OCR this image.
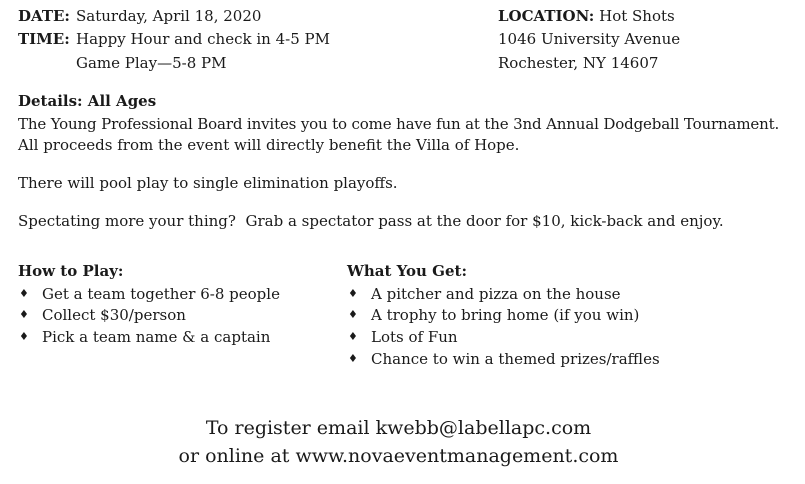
DATE: Saturday, April 18, 2020
TIME: Happy Hour and check in 4-5 PM
Game Play—5-8 PM
LOCATION: Hot Shots
1046 University Avenue
Rochester, NY 14607
Details: All Ages
The Young Professional Board invites you to come have fun at the 3nd Annual Dodgeball Tournament.
All proceeds from the event will directly benefit the Villa of Hope.
There will pool play to single elimination playoffs.
Spectating more your thing?  Grab a spectator pass at the door for $10, kick-back and enjoy.
How to Play:
♦ Get a team together 6-8 people
♦ Collect $30/person
♦ Pick a team name & a captain
What You Get:
♦ A pitcher and pizza on the house
♦ A trophy to bring home (if you win)
♦ Lots of Fun
♦ Chance to win a themed prizes/raffles
To register email kwebb@labellapc.com
or online at www.novaeventmanagement.com
